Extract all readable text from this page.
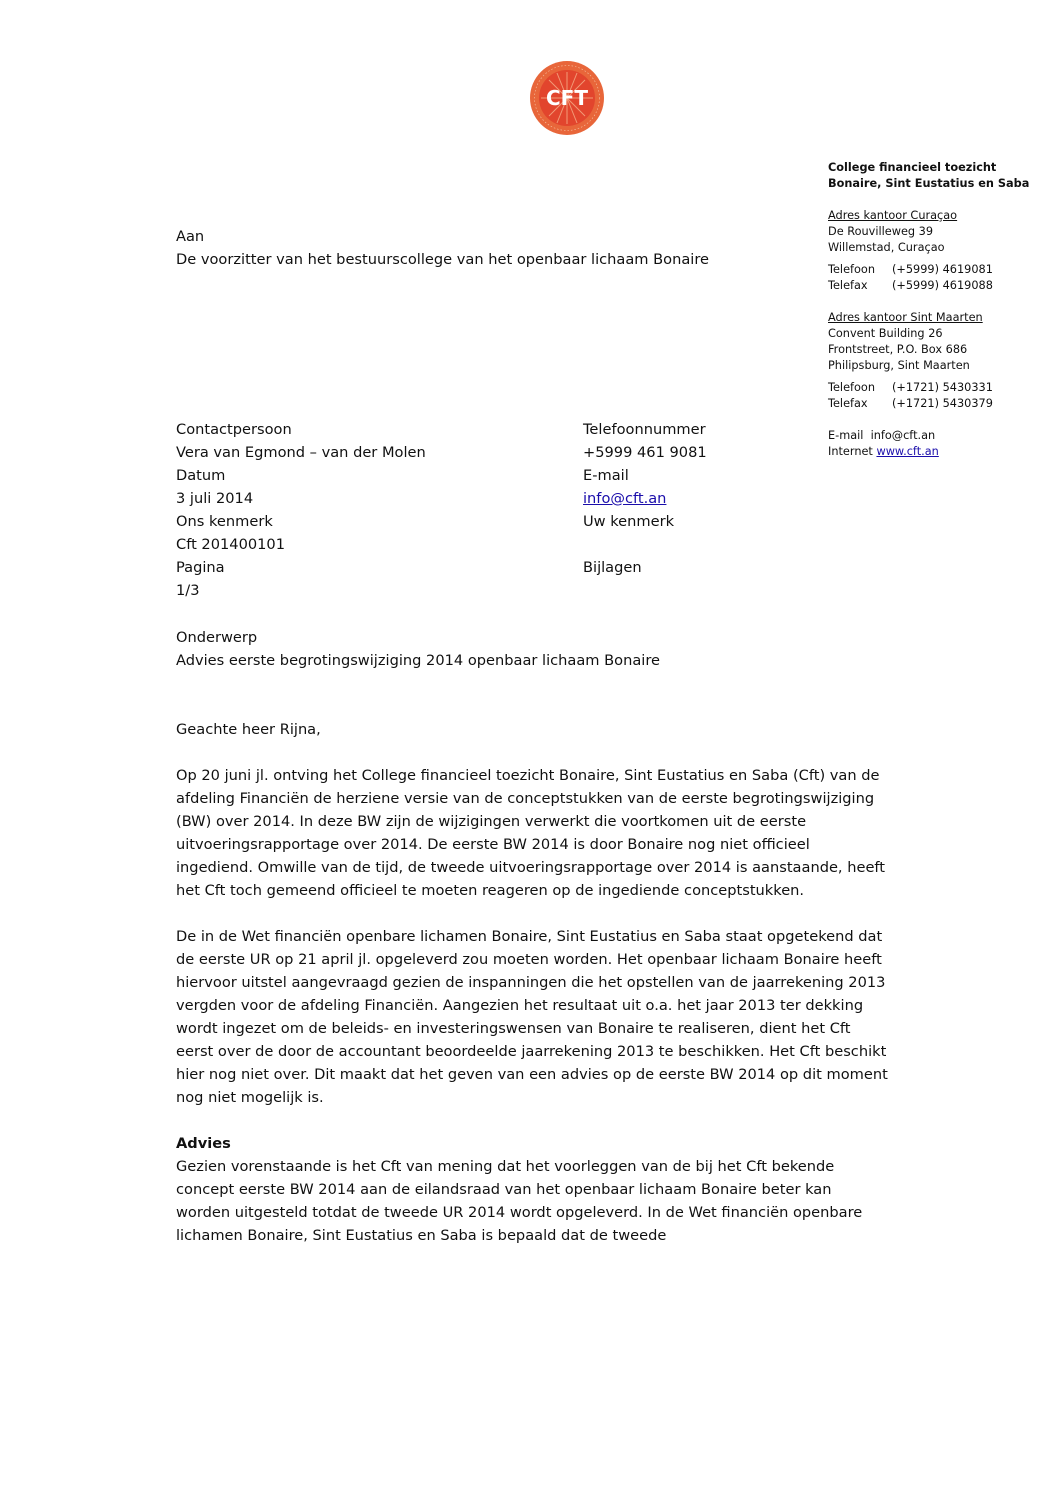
CFT
College financieel toezicht Bonaire, Sint Eustatius en Saba
Adres kantoor Curaçao
De Rouvilleweg 39
Willemstad, Curaçao
Telefoon	(+5999) 4619081
Telefax	(+5999) 4619088
Adres kantoor Sint Maarten
Convent Building 26
Frontstreet, P.O. Box 686
Philipsburg, Sint Maarten
Telefoon	(+1721) 5430331
Telefax	(+1721) 5430379
E-mail info@cft.an
Internet www.cft.an
Aan
De voorzitter van het bestuurscollege van het openbaar lichaam Bonaire
Contactpersoon	Telefoonnummer
Vera van Egmond – van der Molen	+5999 461 9081
Datum	E-mail
3 juli 2014	info@cft.an
Ons kenmerk	Uw kenmerk
Cft 201400101

Pagina	Bijlagen
1/3

Onderwerp
Advies eerste begrotingswijziging 2014 openbaar lichaam Bonaire

Geachte heer Rijna,

Op 20 juni jl. ontving het College financieel toezicht Bonaire, Sint Eustatius en Saba (Cft) van de afdeling Financiën de herziene versie van de conceptstukken van de eerste begrotingswijziging (BW) over 2014. In deze BW zijn de wijzigingen verwerkt die voortkomen uit de eerste uitvoeringsrapportage over 2014. De eerste BW 2014 is door Bonaire nog niet officieel ingediend. Omwille van de tijd, de tweede uitvoeringsrapportage over 2014 is aanstaande, heeft het Cft toch gemeend officieel te moeten reageren op de ingediende conceptstukken.

De in de Wet financiën openbare lichamen Bonaire, Sint Eustatius en Saba staat opgetekend dat de eerste UR op 21 april jl. opgeleverd zou moeten worden. Het openbaar lichaam Bonaire heeft hiervoor uitstel aangevraagd gezien de inspanningen die het opstellen van de jaarrekening 2013 vergden voor de afdeling Financiën. Aangezien het resultaat uit o.a. het jaar 2013 ter dekking wordt ingezet om de beleids- en investeringswensen van Bonaire te realiseren, dient het Cft eerst over de door de accountant beoordeelde jaarrekening 2013 te beschikken. Het Cft beschikt hier nog niet over. Dit maakt dat het geven van een advies op de eerste BW 2014 op dit moment nog niet mogelijk is.

Advies

Gezien vorenstaande is het Cft van mening dat het voorleggen van de bij het Cft bekende concept eerste BW 2014 aan de eilandsraad van het openbaar lichaam Bonaire beter kan worden uitgesteld totdat de tweede UR 2014 wordt opgeleverd. In de Wet financiën openbare lichamen Bonaire, Sint Eustatius en Saba is bepaald dat de tweede
